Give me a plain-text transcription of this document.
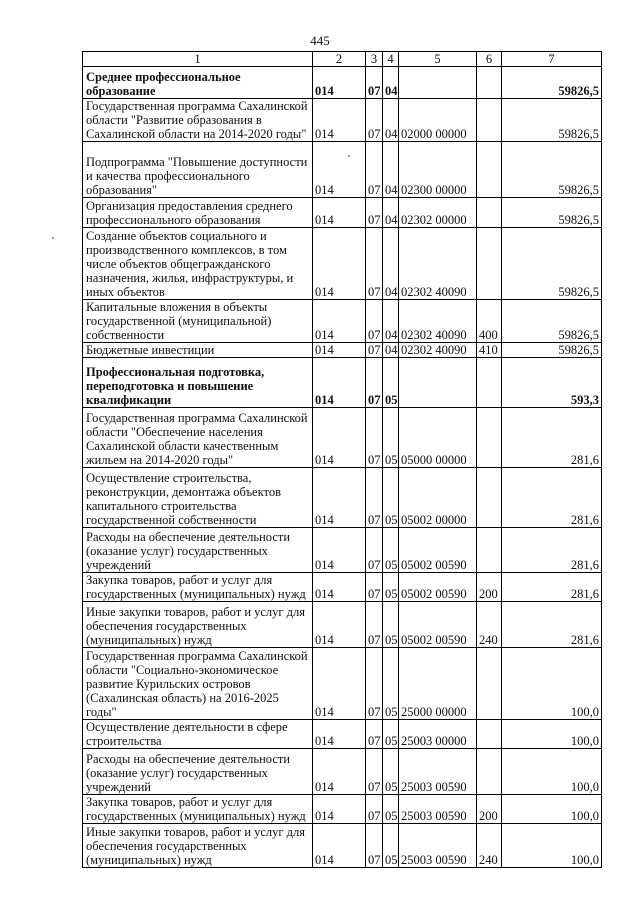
445
1	2	3	4	5	6	7
Среднее профессиональное образование	014	07	04			59826,5
Государственная программа Сахалинской области "Развитие образования в Сахалинской области на 2014-2020 годы"	014	07	04	02000 00000		59826,5
Подпрограмма "Повышение доступности и качества профессионального образования"	014	07	04	02300 00000		59826,5
Организация предоставления среднего профессионального образования	014	07	04	02302 00000		59826,5
Создание объектов социального и производственного комплексов, в том числе объектов общегражданского назначения, жилья, инфраструктуры, и иных объектов	014	07	04	02302 40090		59826,5
Капитальные вложения в объекты государственной (муниципальной) собственности	014	07	04	02302 40090	400	59826,5
Бюджетные инвестиции	014	07	04	02302 40090	410	59826,5
Профессиональная подготовка, переподготовка и повышение квалификации	014	07	05			593,3
Государственная программа Сахалинской области "Обеспечение населения Сахалинской области качественным жильем на 2014-2020 годы"	014	07	05	05000 00000		281,6
Осуществление строительства, реконструкции, демонтажа объектов капитального строительства государственной собственности	014	07	05	05002 00000		281,6
Расходы на обеспечение деятельности (оказание услуг) государственных учреждений	014	07	05	05002 00590		281,6
Закупка товаров, работ и услуг для государственных (муниципальных) нужд	014	07	05	05002 00590	200	281,6
Иные закупки товаров, работ и услуг для обеспечения государственных (муниципальных) нужд	014	07	05	05002 00590	240	281,6
Государственная программа Сахалинской области "Социально-экономическое развитие Курильских островов (Сахалинская область) на 2016-2025 годы"	014	07	05	25000 00000		100,0
Осуществление деятельности в сфере строительства	014	07	05	25003 00000		100,0
Расходы на обеспечение деятельности (оказание услуг) государственных учреждений	014	07	05	25003 00590		100,0
Закупка товаров, работ и услуг для государственных (муниципальных) нужд	014	07	05	25003 00590	200	100,0
Иные закупки товаров, работ и услуг для обеспечения государственных (муниципальных) нужд	014	07	05	25003 00590	240	100,0
